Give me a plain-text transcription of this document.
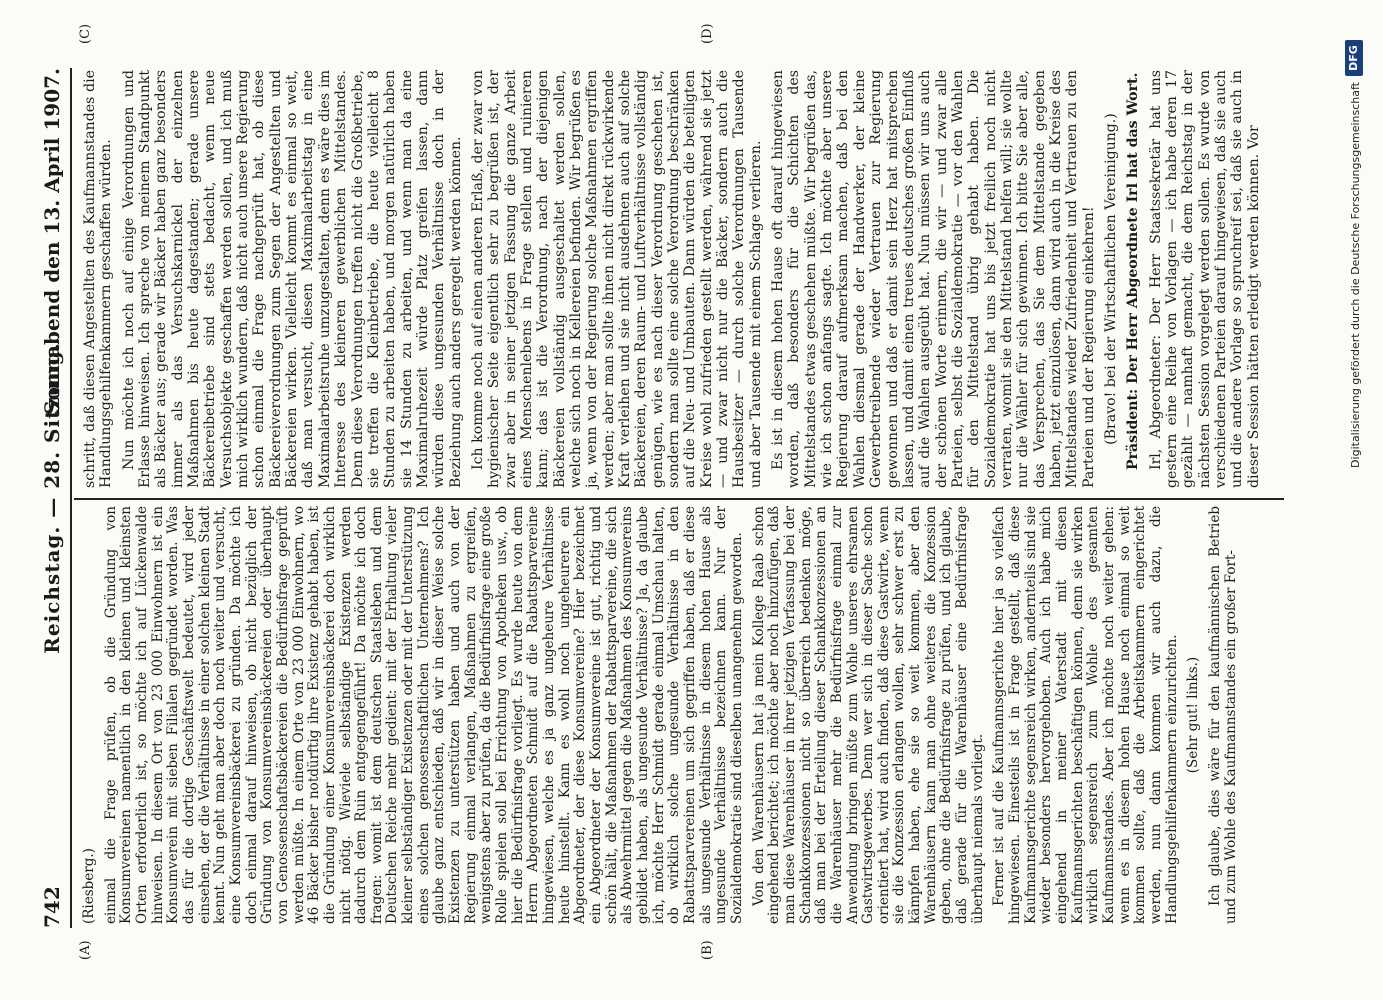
742
Reichstag. — 28. Sitzung.
Sonnabend den 13. April 1907.
(A)	(B)
(C)	(D)

(Riesberg.) einmal die Frage prüfen, ob die Gründung von Konsumvereinen namentlich in den kleinen und kleinsten Orten erforderlich ist, so möchte ich auf Lückenwalde hinweisen. In diesem Ort von 23 000 Einwohnern ist ein Konsumverein mit sieben Filialen gegründet worden. Was das für die dortige Geschäftswelt bedeutet, wird jeder einsehen, der die Verhältnisse in einer solchen kleinen Stadt kennt. Nun geht man aber doch noch weiter und versucht, eine Konsumvereinsbäckerei zu gründen. Da möchte ich doch einmal darauf hinweisen, ob nicht bezüglich der Gründung von Konsumvereinsbäckereien oder überhaupt von Genossenschaftsbäckereien die Bedürfnisfrage geprüft werden müßte. In einem Orte von 23 000 Einwohnern, wo 46 Bäcker bisher notdürftig ihre Existenz gehabt haben, ist die Gründung einer Konsumvereinsbäckerei doch wirklich nicht nötig. Wieviele selbständige Existenzen werden dadurch dem Ruin entgegengeführt! Da möchte ich doch fragen: womit ist dem deutschen Staatsleben und dem Deutschen Reiche mehr gedient: mit der Erhaltung vieler kleiner selbständiger Existenzen oder mit der Unterstützung eines solchen genossenschaftlichen Unternehmens? Ich glaube ganz entschieden, daß wir in dieser Weise solche Existenzen zu unterstützen haben und auch von der Regierung einmal verlangen, Maßnahmen zu ergreifen, wenigstens aber zu prüfen, da die Bedürfnisfrage eine große Rolle spielen soll bei Errichtung von Apotheken usw., ob hier die Bedürfnisfrage vorliegt. Es wurde heute von dem Herrn Abgeordneten Schmidt auf die Rabattsparvereine hingewiesen, welche es ja ganz ungeheure Verhältnisse heute hinstellt. Kann es wohl noch ungeheurere ein Abgeordneter, der diese Konsumvereine? Hier bezeichnet ein Abgeordneter der Konsumvereine ist gut, richtig und schön hält, die Maßnahmen der Rabattsparvereine, die sich als Abwehrmittel gegen die Maßnahmen des Konsumvereins gebildet haben, als ungesunde Verhältnisse? Ja, da glaube ich, möchte Herr Schmidt gerade einmal Umschau halten, ob wirklich solche ungesunde Verhältnisse in den Rabattsparvereinen um sich gegriffen haben, daß er diese als ungesunde Verhältnisse in diesem hohen Hause als ungesunde Verhältnisse bezeichnen kann. Nur der Sozialdemokratie sind dieselben unangenehm geworden. Von den Warenhäusern hat ja mein Kollege Raab schon eingehend berichtet; ich möchte aber noch hinzufügen, daß man diese Warenhäuser in ihrer jetzigen Verfassung bei der Schankkonzessionen nicht so überreich bedenken möge, daß man bei der Erteilung dieser Schankkonzessionen an die Warenhäuser mehr die Bedürfnisfrage einmal zur Anwendung bringen müßte zum Wohle unseres ehrsamen Gastwirtsgewerbes. Denn wer sich in dieser Sache schon orientiert hat, wird auch finden, daß diese Gastwirte, wenn sie die Konzession erlangen wollen, sehr schwer erst zu kämpfen haben, ehe sie so weit kommen, aber den Warenhäusern kann man ohne weiteres die Konzession geben, ohne die Bedürfnisfrage zu prüfen, und ich glaube, daß gerade für die Warenhäuser eine Bedürfnisfrage überhaupt niemals vorliegt. Ferner ist auf die Kaufmannsgerichte hier ja so vielfach hingewiesen. Einesteils ist in Frage gestellt, daß diese Kaufmannsgerichte segensreich wirken, andernteils sind sie wieder besonders hervorgehoben. Auch ich habe mich eingehend in meiner Vaterstadt mit diesen Kaufmannsgerichten beschäftigen können, denn sie wirken wirklich segensreich zum Wohle des gesamten Kaufmannsstandes. Aber ich möchte noch weiter gehen: wenn es in diesem hohen Hause noch einmal so weit kommen sollte, daß die Arbeitskammern eingerichtet werden, nun dann kommen wir auch dazu, die Handlungsgehilfenkammern einzurichten. (Sehr gut! links.) Ich glaube, dies wäre für den kaufmännischen Betrieb und zum Wohle des Kaufmannstandes ein großer Fort-

schritt, daß diesen Angestellten des Kaufmannstandes die Handlungsgehilfenkammern geschaffen würden. Nun möchte ich noch auf einige Verordnungen und Erlasse hinweisen. Ich spreche von meinem Standpunkt als Bäcker aus; gerade wir Bäcker haben ganz besonders immer als das Versuchskarnickel der einzelnen Maßnahmen bis heute dagestanden; gerade unsere Bäckereibetriebe sind stets bedacht, wenn neue Versuchsobjekte geschaffen werden sollen, und ich muß mich wirklich wundern, daß nicht auch unsere Regierung schon einmal die Frage nachgeprüft hat, ob diese Bäckereiverordnungen zum Segen der Angestellten und Bäckereien wirken. Vielleicht kommt es einmal so weit, daß man versucht, diesen Maximalarbeitstag in eine Maximalarbeitsruhe umzugestalten, denn es wäre dies im Interesse des kleineren gewerblichen Mittelstandes. Denn diese Verordnungen treffen nicht die Großbetriebe, sie treffen die Kleinbetriebe, die heute vielleicht 8 Stunden zu arbeiten haben, und morgen natürlich haben sie 14 Stunden zu arbeiten, und wenn man da eine Maximalruhezeit würde Platz greifen lassen, dann würden diese ungesunden Verhältnisse doch in der Beziehung auch anders geregelt werden können. Ich komme noch auf einen anderen Erlaß, der zwar von hygienischer Seite eigentlich sehr zu begrüßen ist, der zwar aber in seiner jetzigen Fassung die ganze Arbeit eines Menschenlebens in Frage stellen und ruinieren kann; das ist die Verordnung, nach der diejenigen Bäckereien vollständig ausgeschaltet werden sollen, welche sich noch in Kellereien befinden. Wir begrüßen es ja, wenn von der Regierung solche Maßnahmen ergriffen werden; aber man sollte ihnen nicht direkt rückwirkende Kraft verleihen und sie nicht ausdehnen auch auf solche Bäckereien, deren Raum- und Luftverhältnisse vollständig genügen, wie es nach dieser Verordnung geschehen ist, sondern man sollte eine solche Verordnung beschränken auf die Neu- und Umbauten. Dann würden die beteiligten Kreise wohl zufrieden gestellt werden, während sie jetzt — und zwar nicht nur die Bäcker, sondern auch die Hausbesitzer — durch solche Verordnungen Tausende und aber Tausende mit einem Schlage verlieren. Es ist in diesem hohen Hause oft darauf hingewiesen worden, daß besonders für die Schichten des Mittelstandes etwas geschehen müßte. Wir begrüßen das, wie ich schon anfangs sagte. Ich möchte aber unsere Regierung darauf aufmerksam machen, daß bei den Wahlen diesmal gerade der Handwerker, der kleine Gewerbetreibende wieder Vertrauen zur Regierung gewonnen und daß er damit sein Herz hat mitsprechen lassen, und damit einen treues deutsches großen Einfluß auf die Wahlen ausgeübt hat. Nun müssen wir uns auch der schönen Worte erinnern, die wir — und zwar alle Parteien, selbst die Sozialdemokratie — vor den Wahlen für den Mittelstand übrig gehabt haben. Die Sozialdemokratie hat uns bis jetzt freilich noch nicht verraten, womit sie den Mittelstand helfen will; sie wollte nur die Wähler für sich gewinnen. Ich bitte Sie aber alle, das Versprechen, das Sie dem Mittelstande gegeben haben, jetzt einzulösen, dann wird auch in die Kreise des Mittelstandes wieder Zufriedenheit und Vertrauen zu den Parteien und der Regierung einkehren! (Bravo! bei der Wirtschaftlichen Vereinigung.) Präsident: Der Herr Abgeordnete Irl hat das Wort. Irl, Abgeordneter: Der Herr Staatssekretär hat uns gestern eine Reihe von Vorlagen — ich habe deren 17 gezählt — namhaft gemacht, die dem Reichstag in der nächsten Session vorgelegt werden sollen. Es wurde von verschiedenen Parteien darauf hingewiesen, daß sie auch und die andere Vorlage so spruchreif sei, daß sie auch in dieser Session hätten erledigt werden können. Vor	Digitalisierung gefördert durch die Deutsche Forschungsgemeinschaft
DFG
